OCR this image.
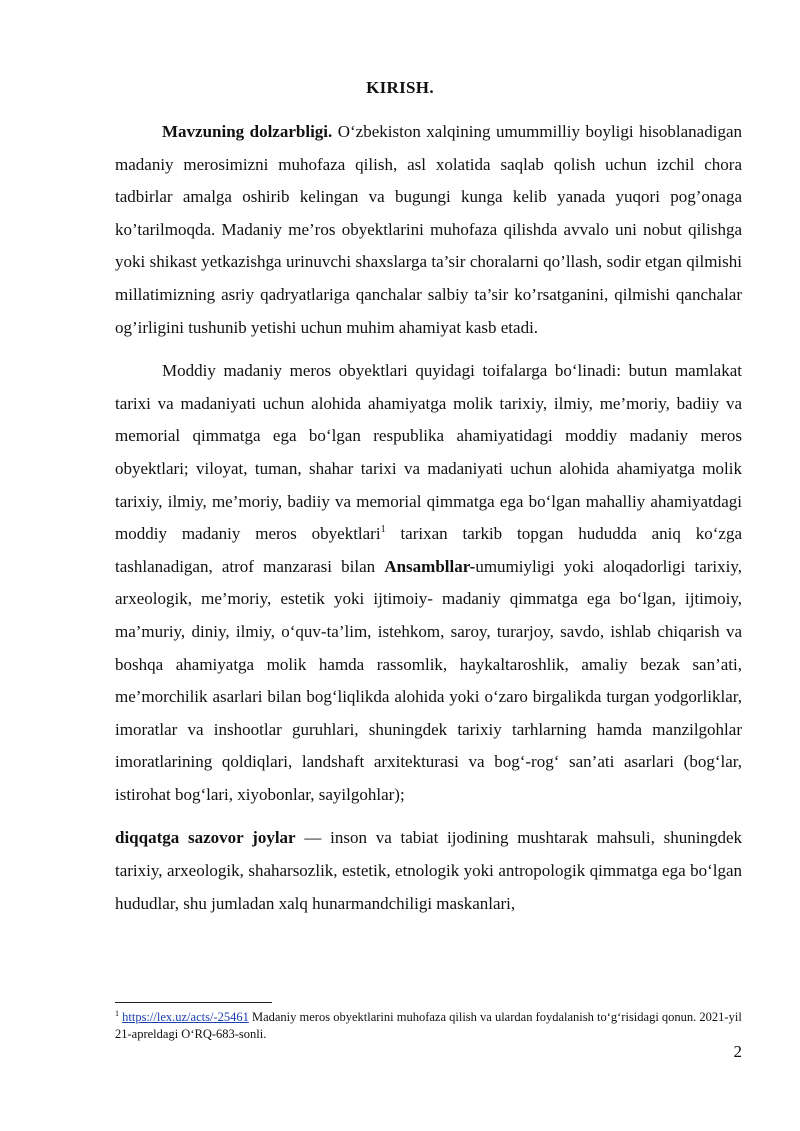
KIRISH.

Mavzuning dolzarbligi. O‘zbekiston xalqining umummilliy boyligi hisoblanadigan madaniy merosimizni muhofaza qilish, asl xolatida saqlab qolish uchun izchil chora tadbirlar amalga oshirib kelingan va bugungi kunga kelib yanada yuqori pog’onaga ko’tarilmoqda. Madaniy me’ros obyektlarini muhofaza qilishda avvalo uni nobut qilishga yoki shikast yetkazishga urinuvchi shaxslarga ta’sir choralarni qo’llash, sodir etgan qilmishi millatimizning asriy qadryatlariga qanchalar salbiy ta’sir ko’rsatganini, qilmishi qanchalar og’irligini tushunib yetishi uchun muhim ahamiyat kasb etadi.

Moddiy madaniy meros obyektlari quyidagi toifalarga bo‘linadi: butun mamlakat tarixi va madaniyati uchun alohida ahamiyatga molik tarixiy, ilmiy, me’moriy, badiiy va memorial qimmatga ega bo‘lgan respublika ahamiyatidagi moddiy madaniy meros obyektlari; viloyat, tuman, shahar tarixi va madaniyati uchun alohida ahamiyatga molik tarixiy, ilmiy, me’moriy, badiiy va memorial qimmatga ega bo‘lgan mahalliy ahamiyatdagi moddiy madaniy meros obyektlari$^1$ tarixan tarkib topgan hududda aniq ko‘zga tashlanadigan, atrof manzarasi bilan Ansambllar-umumiyligi yoki aloqadorligi tarixiy, arxeologik, me’moriy, estetik yoki ijtimoiy- madaniy qimmatga ega bo‘lgan, ijtimoiy, ma’muriy, diniy, ilmiy, o‘quv-ta’lim, istehkom, saroy, turarjoy, savdo, ishlab chiqarish va boshqa ahamiyatga molik hamda rassomlik, haykaltaroshlik, amaliy bezak san’ati, me’morchilik asarlari bilan bog‘liqlikda alohida yoki o‘zaro birgalikda turgan yodgorliklar, imoratlar va inshootlar guruhlari, shuningdek tarixiy tarhlarning hamda manzilgohlar imoratlarining qoldiqlari, landshaft arxitekturasi va bog‘-rog‘ san’ati asarlari (bog‘lar, istirohat bog‘lari, xiyobonlar, sayilgohlar);

diqqatga sazovor joylar — inson va tabiat ijodining mushtarak mahsuli, shuningdek tarixiy, arxeologik, shaharsozlik, estetik, etnologik yoki antropologik qimmatga ega bo‘lgan hududlar, shu jumladan xalq hunarmandchiligi maskanlari,

$^1$ https://lex.uz/acts/-25461 Madaniy meros obyektlarini muhofaza qilish va ulardan foydalanish to‘g‘risidagi qonun. 2021-yil 21-apreldagi O‘RQ-683-sonli.
2
